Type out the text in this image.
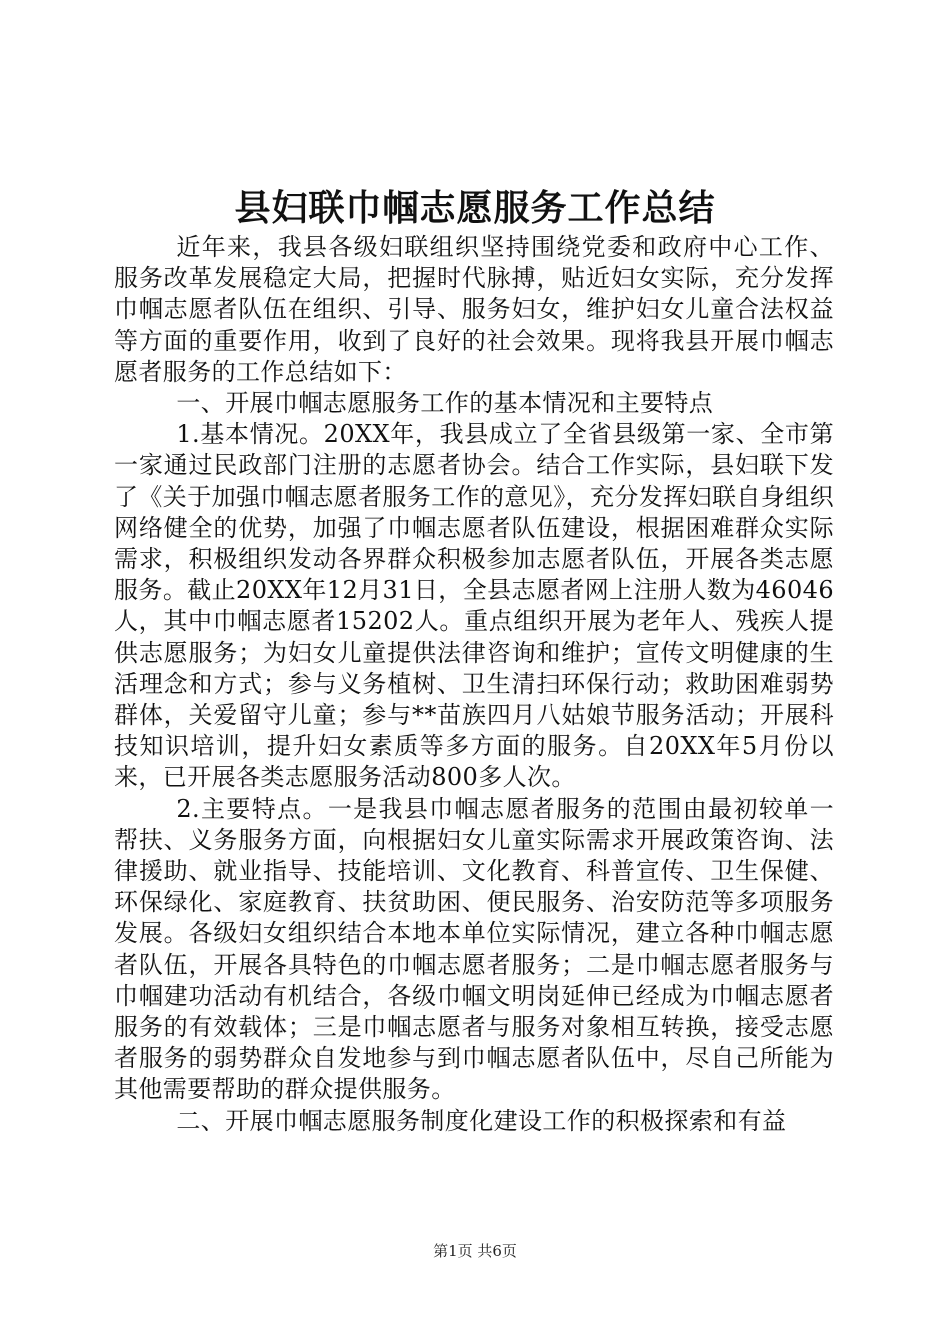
县妇联巾帼志愿服务工作总结

近年来，我县各级妇联组织坚持围绕党委和政府中心工作、服务改革发展稳定大局，把握时代脉搏，贴近妇女实际，充分发挥巾帼志愿者队伍在组织、引导、服务妇女，维护妇女儿童合法权益等方面的重要作用，收到了良好的社会效果。现将我县开展巾帼志愿者服务的工作总结如下：

一、开展巾帼志愿服务工作的基本情况和主要特点

1.基本情况。20XX年，我县成立了全省县级第一家、全市第一家通过民政部门注册的志愿者协会。结合工作实际，县妇联下发了《关于加强巾帼志愿者服务工作的意见》，充分发挥妇联自身组织网络健全的优势，加强了巾帼志愿者队伍建设，根据困难群众实际需求，积极组织发动各界群众积极参加志愿者队伍，开展各类志愿服务。截止20XX年12月31日，全县志愿者网上注册人数为46046人，其中巾帼志愿者15202人。重点组织开展为老年人、残疾人提供志愿服务；为妇女儿童提供法律咨询和维护；宣传文明健康的生活理念和方式；参与义务植树、卫生清扫环保行动；救助困难弱势群体，关爱留守儿童；参与**苗族四月八姑娘节服务活动；开展科技知识培训，提升妇女素质等多方面的服务。自20XX年5月份以来，已开展各类志愿服务活动800多人次。

2.主要特点。一是我县巾帼志愿者服务的范围由最初较单一帮扶、义务服务方面，向根据妇女儿童实际需求开展政策咨询、法律援助、就业指导、技能培训、文化教育、科普宣传、卫生保健、环保绿化、家庭教育、扶贫助困、便民服务、治安防范等多项服务发展。各级妇女组织结合本地本单位实际情况，建立各种巾帼志愿者队伍，开展各具特色的巾帼志愿者服务；二是巾帼志愿者服务与巾帼建功活动有机结合，各级巾帼文明岗延伸已经成为巾帼志愿者服务的有效载体；三是巾帼志愿者与服务对象相互转换，接受志愿者服务的弱势群众自发地参与到巾帼志愿者队伍中，尽自己所能为其他需要帮助的群众提供服务。

二、开展巾帼志愿服务制度化建设工作的积极探索和有益

第1页 共6页
